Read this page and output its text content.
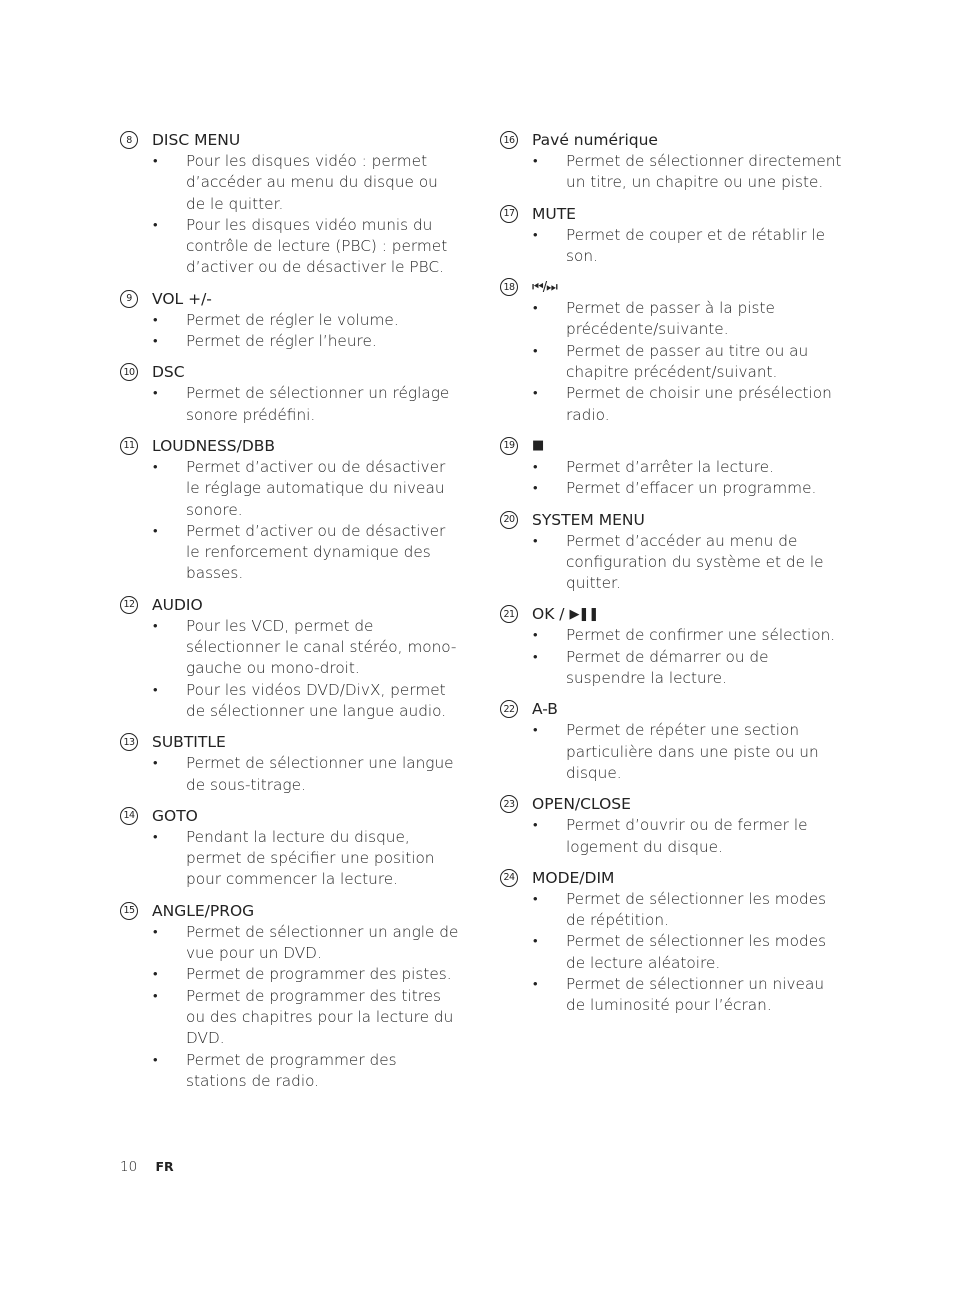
8	DISC MENU
• Pour les disques vidéo : permet d’accéder au menu du disque ou de le quitter.
• Pour les disques vidéo munis du contrôle de lecture (PBC) : permet d’activer ou de désactiver le PBC.
9	VOL +/-
• Permet de régler le volume.
• Permet de régler l’heure.
10 DSC
• Permet de sélectionner un réglage sonore prédéfini.
11 LOUDNESS/DBB
• Permet d’activer ou de désactiver le réglage automatique du niveau sonore.
• Permet d’activer ou de désactiver le renforcement dynamique des basses.
12 AUDIO
• Pour les VCD, permet de sélectionner le canal stéréo, mono-gauche ou mono-droit.
• Pour les vidéos DVD/DivX, permet de sélectionner une langue audio.
13 SUBTITLE
• Permet de sélectionner une langue de sous-titrage.
14 GOTO
• Pendant la lecture du disque, permet de spécifier une position pour commencer la lecture.
15 ANGLE/PROG
• Permet de sélectionner un angle de vue pour un DVD.
• Permet de programmer des pistes.
• Permet de programmer des titres ou des chapitres pour la lecture du DVD.
• Permet de programmer des stations de radio.
16 Pavé numérique
• Permet de sélectionner directement un titre, un chapitre ou une piste.
17 MUTE
• Permet de couper et de rétablir le son.
18 ⏮/⏭
• Permet de passer à la piste précédente/suivante.
• Permet de passer au titre ou au chapitre précédent/suivant.
• Permet de choisir une présélection radio.
19 ■
• Permet d’arrêter la lecture.
• Permet d’effacer un programme.
20 SYSTEM MENU
• Permet d’accéder au menu de configuration du système et de le quitter.
21 OK / ▶❚❚
• Permet de confirmer une sélection.
• Permet de démarrer ou de suspendre la lecture.
22 A-B
• Permet de répéter une section particulière dans une piste ou un disque.
23 OPEN/CLOSE
• Permet d’ouvrir ou de fermer le logement du disque.
24 MODE/DIM
• Permet de sélectionner les modes de répétition.
• Permet de sélectionner les modes de lecture aléatoire.
• Permet de sélectionner un niveau de luminosité pour l’écran.
10 FR
